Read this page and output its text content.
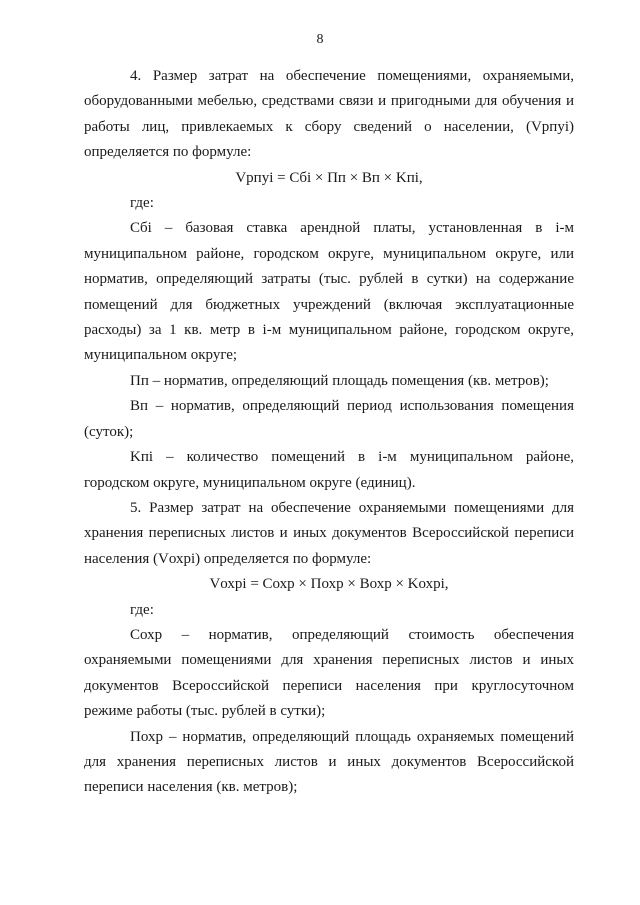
8

4. Размер затрат на обеспечение помещениями, охраняемыми, оборудованными мебелью, средствами связи и пригодными для обучения и работы лиц, привлекаемых к сбору сведений о населении, (Vрпуi) определяется по формуле:

Vрпуi = Cбi × Пп × Вп × Kпi,

где:

Cбi – базовая ставка арендной платы, установленная в i-м муниципальном районе, городском округе, муниципальном округе, или норматив, определяющий затраты (тыс. рублей в сутки) на содержание помещений для бюджетных учреждений (включая эксплуатационные расходы) за 1 кв. метр в i-м муниципальном районе, городском округе, муниципальном округе;

Пп – норматив, определяющий площадь помещения (кв. метров);

Вп – норматив, определяющий период использования помещения (суток);

Kпi – количество помещений в i-м муниципальном районе, городском округе, муниципальном округе (единиц).

5. Размер затрат на обеспечение охраняемыми помещениями для хранения переписных листов и иных документов Всероссийской переписи населения (Vохрi) определяется по формуле:

Vохрi = Cохр × Похр × Вохр × Kохрi,

где:

Cохр – норматив, определяющий стоимость обеспечения охраняемыми помещениями для хранения переписных листов и иных документов Всероссийской переписи населения при круглосуточном режиме работы (тыс. рублей в сутки);

Похр – норматив, определяющий площадь охраняемых помещений для хранения переписных листов и иных документов Всероссийской переписи населения (кв. метров);
